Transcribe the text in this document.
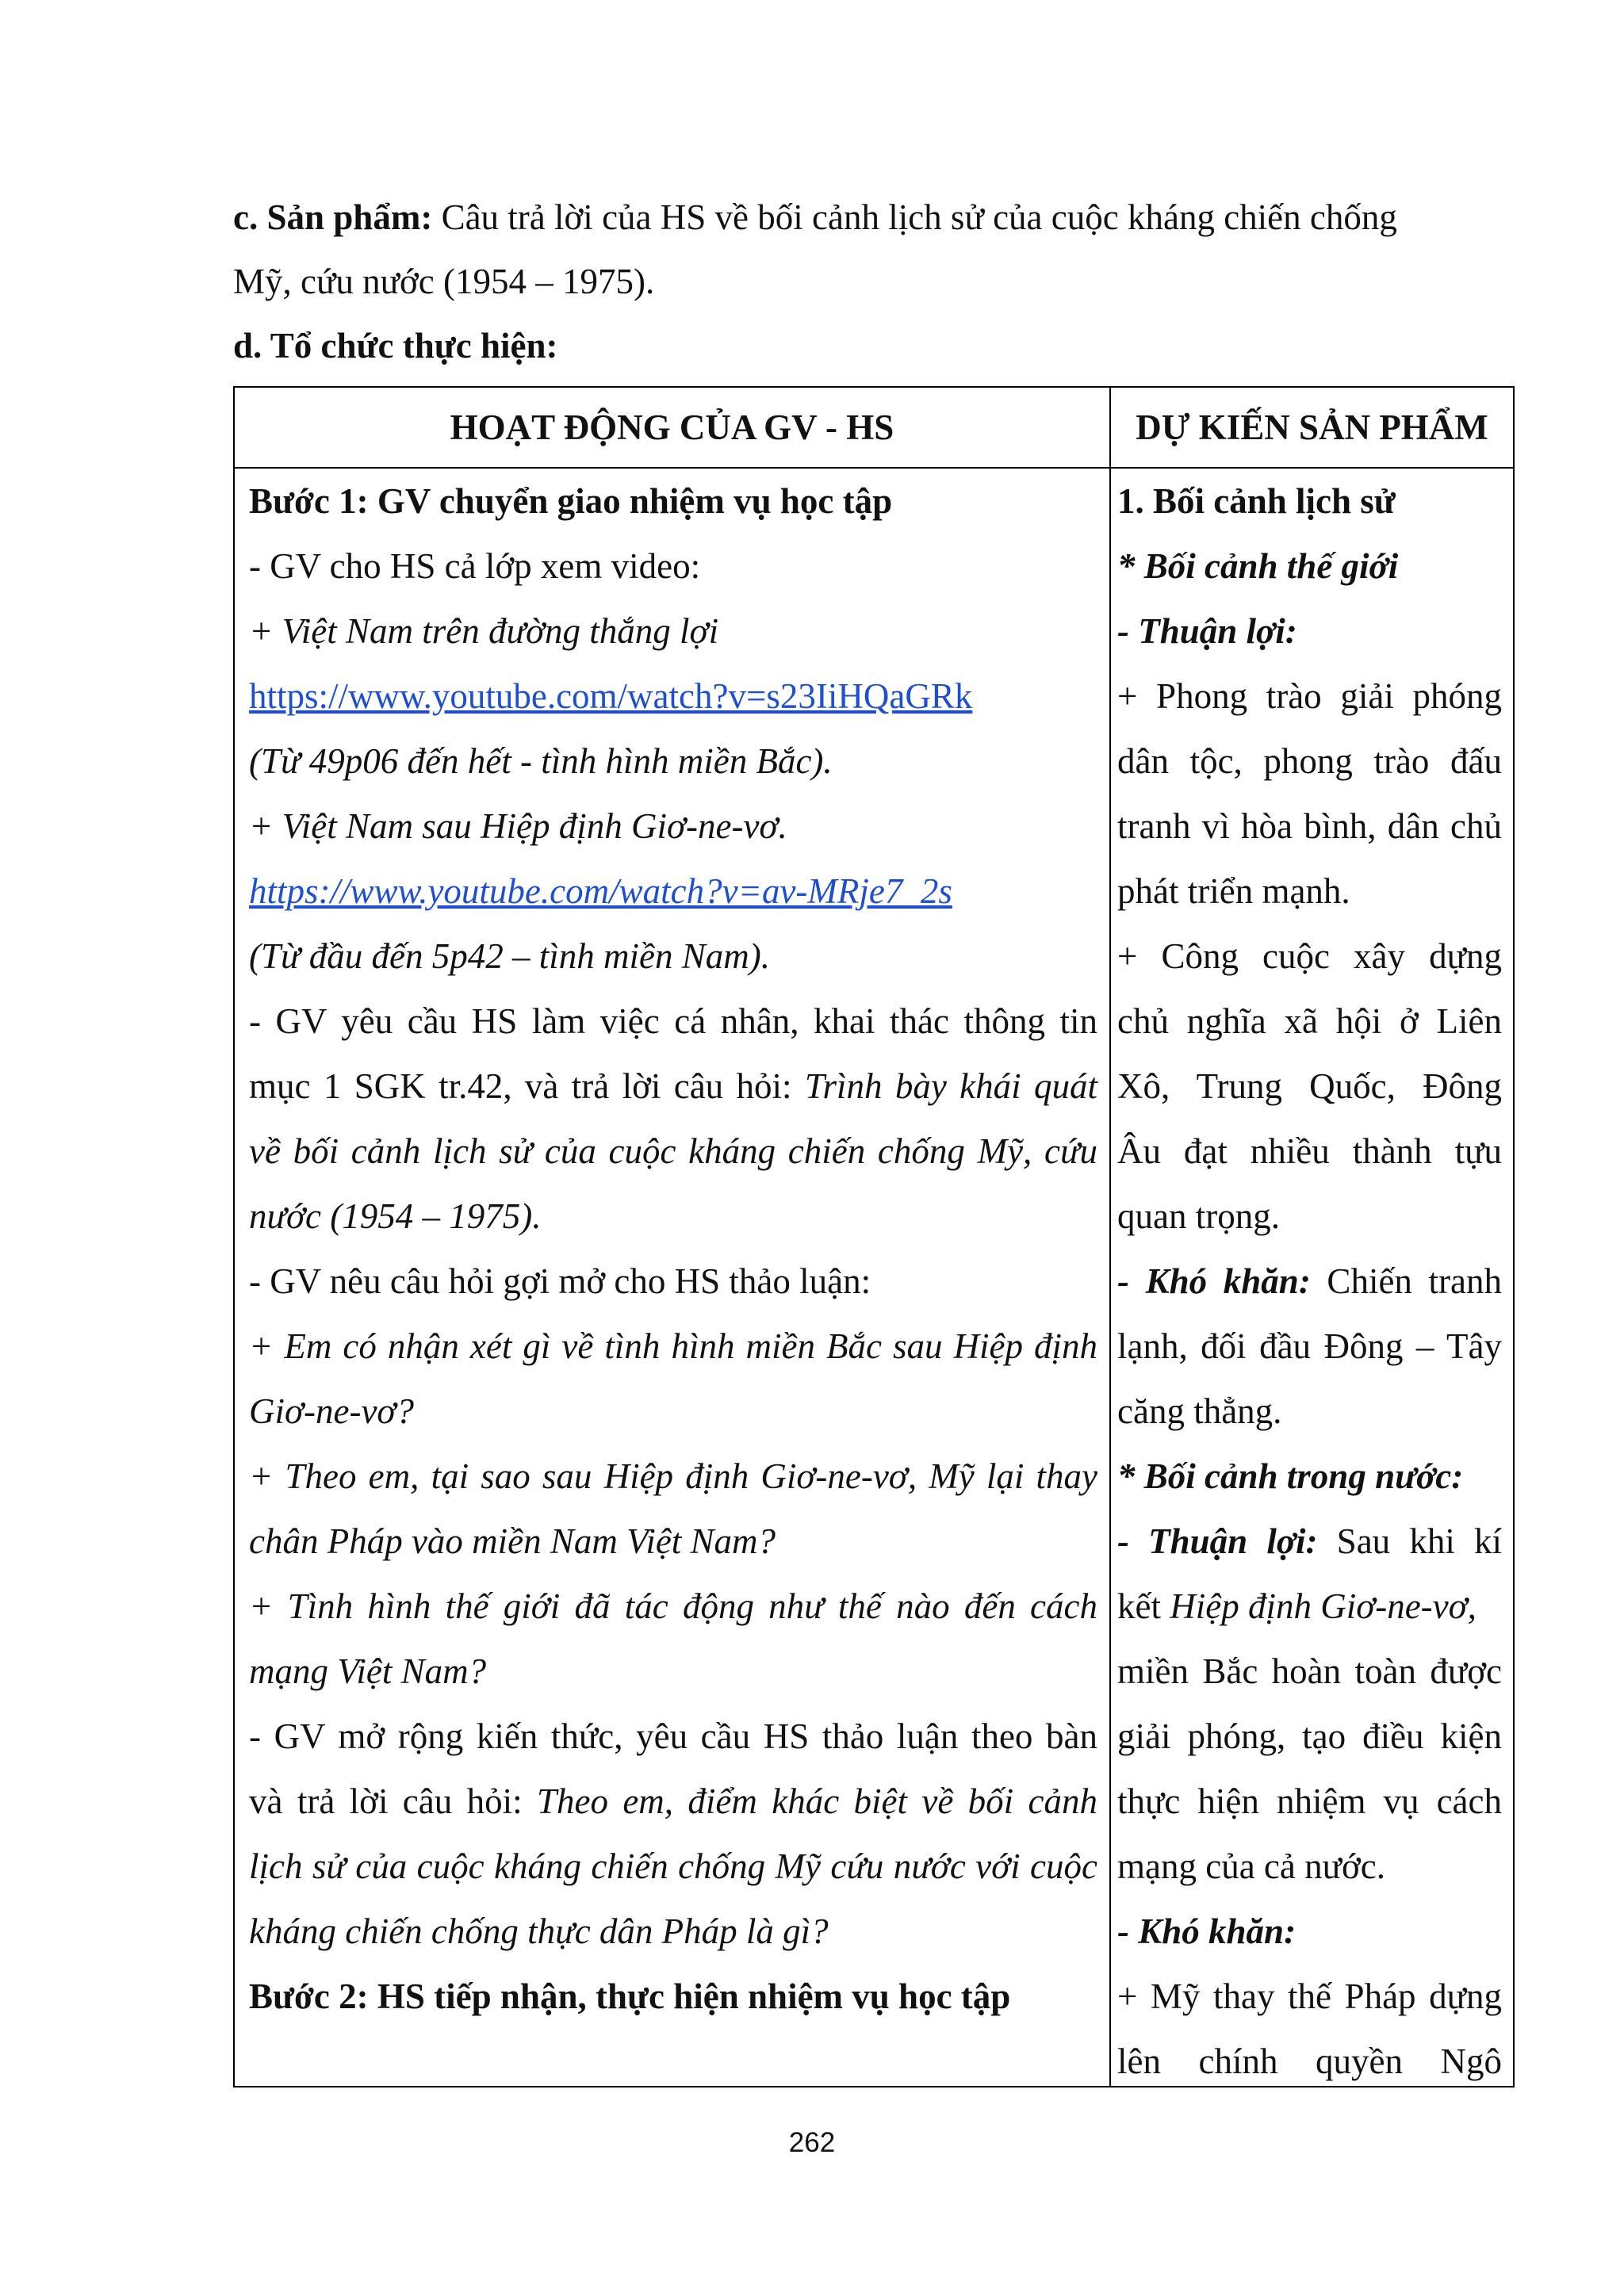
c. Sản phẩm: Câu trả lời của HS về bối cảnh lịch sử của cuộc kháng chiến chống
Mỹ, cứu nước (1954 – 1975).
d. Tổ chức thực hiện:
HOẠT ĐỘNG CỦA GV - HS	DỰ KIẾN SẢN PHẨM
Bước 1: GV chuyển giao nhiệm vụ học tập
- GV cho HS cả lớp xem video:
+ Việt Nam trên đường thắng lợi
https://www.youtube.com/watch?v=s23IiHQaGRk
(Từ 49p06 đến hết - tình hình miền Bắc).
+ Việt Nam sau Hiệp định Giơ-ne-vơ.
https://www.youtube.com/watch?v=av-MRje7_2s
(Từ đầu đến 5p42 – tình miền Nam).
- GV yêu cầu HS làm việc cá nhân, khai thác thông tin
mục 1 SGK tr.42, và trả lời câu hỏi: Trình bày khái quát
về bối cảnh lịch sử của cuộc kháng chiến chống Mỹ, cứu
nước (1954 – 1975).
- GV nêu câu hỏi gợi mở cho HS thảo luận:
+ Em có nhận xét gì về tình hình miền Bắc sau Hiệp định
Giơ-ne-vơ?
+ Theo em, tại sao sau Hiệp định Giơ-ne-vơ, Mỹ lại thay
chân Pháp vào miền Nam Việt Nam?
+ Tình hình thế giới đã tác động như thế nào đến cách
mạng Việt Nam?
- GV mở rộng kiến thức, yêu cầu HS thảo luận theo bàn
và trả lời câu hỏi: Theo em, điểm khác biệt về bối cảnh
lịch sử của cuộc kháng chiến chống Mỹ cứu nước với cuộc
kháng chiến chống thực dân Pháp là gì?
Bước 2: HS tiếp nhận, thực hiện nhiệm vụ học tập
1. Bối cảnh lịch sử
* Bối cảnh thế giới
- Thuận lợi:
+ Phong trào giải phóng
dân tộc, phong trào đấu
tranh vì hòa bình, dân chủ
phát triển mạnh.
+ Công cuộc xây dựng
chủ nghĩa xã hội ở Liên
Xô, Trung Quốc, Đông
Âu đạt nhiều thành tựu
quan trọng.
- Khó khăn: Chiến tranh
lạnh, đối đầu Đông – Tây
căng thẳng.
* Bối cảnh trong nước:
- Thuận lợi: Sau khi kí
kết Hiệp định Giơ-ne-vơ,
miền Bắc hoàn toàn được
giải phóng, tạo điều kiện
thực hiện nhiệm vụ cách
mạng của cả nước.
- Khó khăn:
+ Mỹ thay thế Pháp dựng
lên chính quyền Ngô
262
